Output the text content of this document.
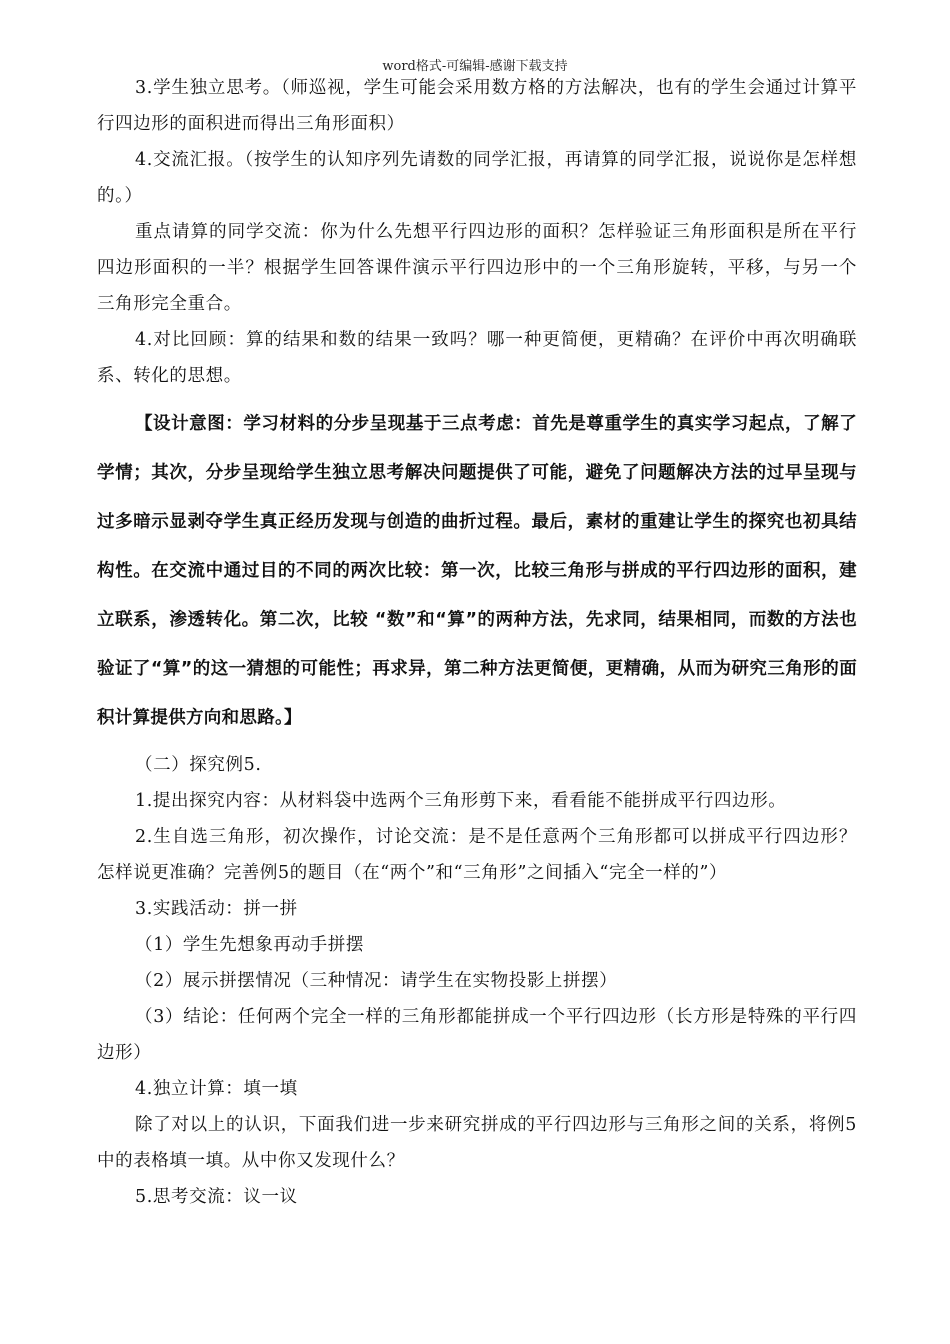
word格式-可编辑-感谢下载支持

3.学生独立思考。（师巡视，学生可能会采用数方格的方法解决，也有的学生会通过计算平行四边形的面积进而得出三角形面积）

4.交流汇报。（按学生的认知序列先请数的同学汇报，再请算的同学汇报，说说你是怎样想的。）

重点请算的同学交流：你为什么先想平行四边形的面积？怎样验证三角形面积是所在平行四边形面积的一半？根据学生回答课件演示平行四边形中的一个三角形旋转，平移，与另一个三角形完全重合。

4.对比回顾：算的结果和数的结果一致吗？哪一种更简便，更精确？在评价中再次明确联系、转化的思想。

【设计意图：学习材料的分步呈现基于三点考虑：首先是尊重学生的真实学习起点，了解了学情；其次，分步呈现给学生独立思考解决问题提供了可能，避免了问题解决方法的过早呈现与过多暗示显剥夺学生真正经历发现与创造的曲折过程。最后，素材的重建让学生的探究也初具结构性。在交流中通过目的不同的两次比较：第一次，比较三角形与拼成的平行四边形的面积，建立联系，渗透转化。第二次，比较 “数”和“算”的两种方法，先求同，结果相同，而数的方法也验证了“算”的这一猜想的可能性；再求异，第二种方法更简便，更精确，从而为研究三角形的面积计算提供方向和思路。】

（二）探究例5.

1.提出探究内容：从材料袋中选两个三角形剪下来，看看能不能拼成平行四边形。

2.生自选三角形，初次操作，讨论交流：是不是任意两个三角形都可以拼成平行四边形？怎样说更准确？完善例5的题目（在“两个”和“三角形”之间插入“完全一样的”）

3.实践活动：拼一拼

（1）学生先想象再动手拼摆

（2）展示拼摆情况（三种情况：请学生在实物投影上拼摆）

（3）结论：任何两个完全一样的三角形都能拼成一个平行四边形（长方形是特殊的平行四边形）

4.独立计算：填一填

除了对以上的认识，下面我们进一步来研究拼成的平行四边形与三角形之间的关系，将例5中的表格填一填。从中你又发现什么？

5.思考交流：议一议
